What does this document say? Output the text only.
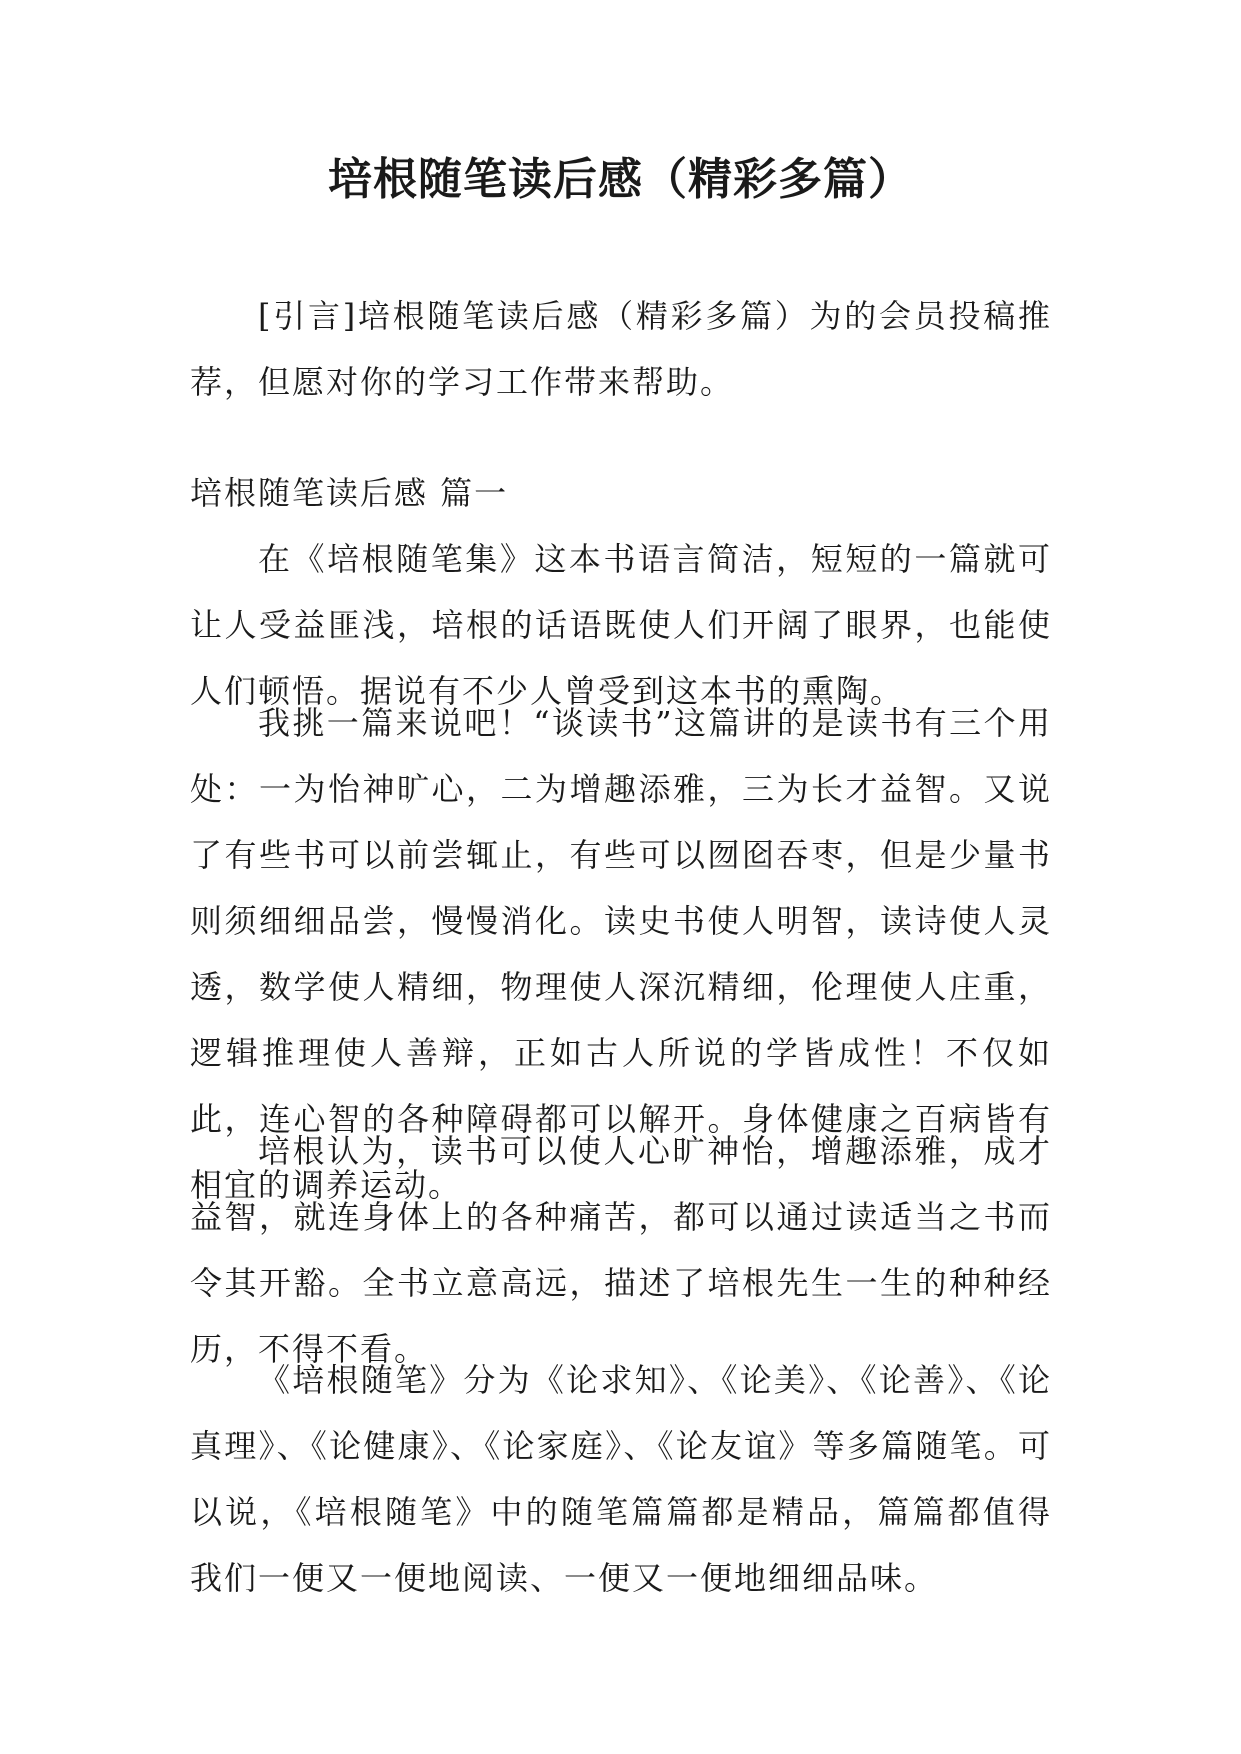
培根随笔读后感（精彩多篇）

[引言]培根随笔读后感（精彩多篇）为的会员投稿推荐，但愿对你的学习工作带来帮助。

培根随笔读后感 篇一

在《培根随笔集》这本书语言简洁，短短的一篇就可让人受益匪浅，培根的话语既使人们开阔了眼界，也能使人们顿悟。据说有不少人曾受到这本书的熏陶。

我挑一篇来说吧！“谈读书”这篇讲的是读书有三个用处：一为怡神旷心，二为增趣添雅，三为长才益智。又说了有些书可以前尝辄止，有些可以囫囵吞枣，但是少量书则须细细品尝，慢慢消化。读史书使人明智，读诗使人灵透，数学使人精细，物理使人深沉精细，伦理使人庄重，逻辑推理使人善辩，正如古人所说的学皆成性！不仅如此，连心智的各种障碍都可以解开。身体健康之百病皆有相宜的调养运动。

培根认为，读书可以使人心旷神怡，增趣添雅，成才益智，就连身体上的各种痛苦，都可以通过读适当之书而令其开豁。全书立意高远，描述了培根先生一生的种种经历，不得不看。

《培根随笔》分为《论求知》、《论美》、《论善》、《论真理》、《论健康》、《论家庭》、《论友谊》等多篇随笔。可以说，《培根随笔》中的随笔篇篇都是精品，篇篇都值得我们一便又一便地阅读、一便又一便地细细品味。
